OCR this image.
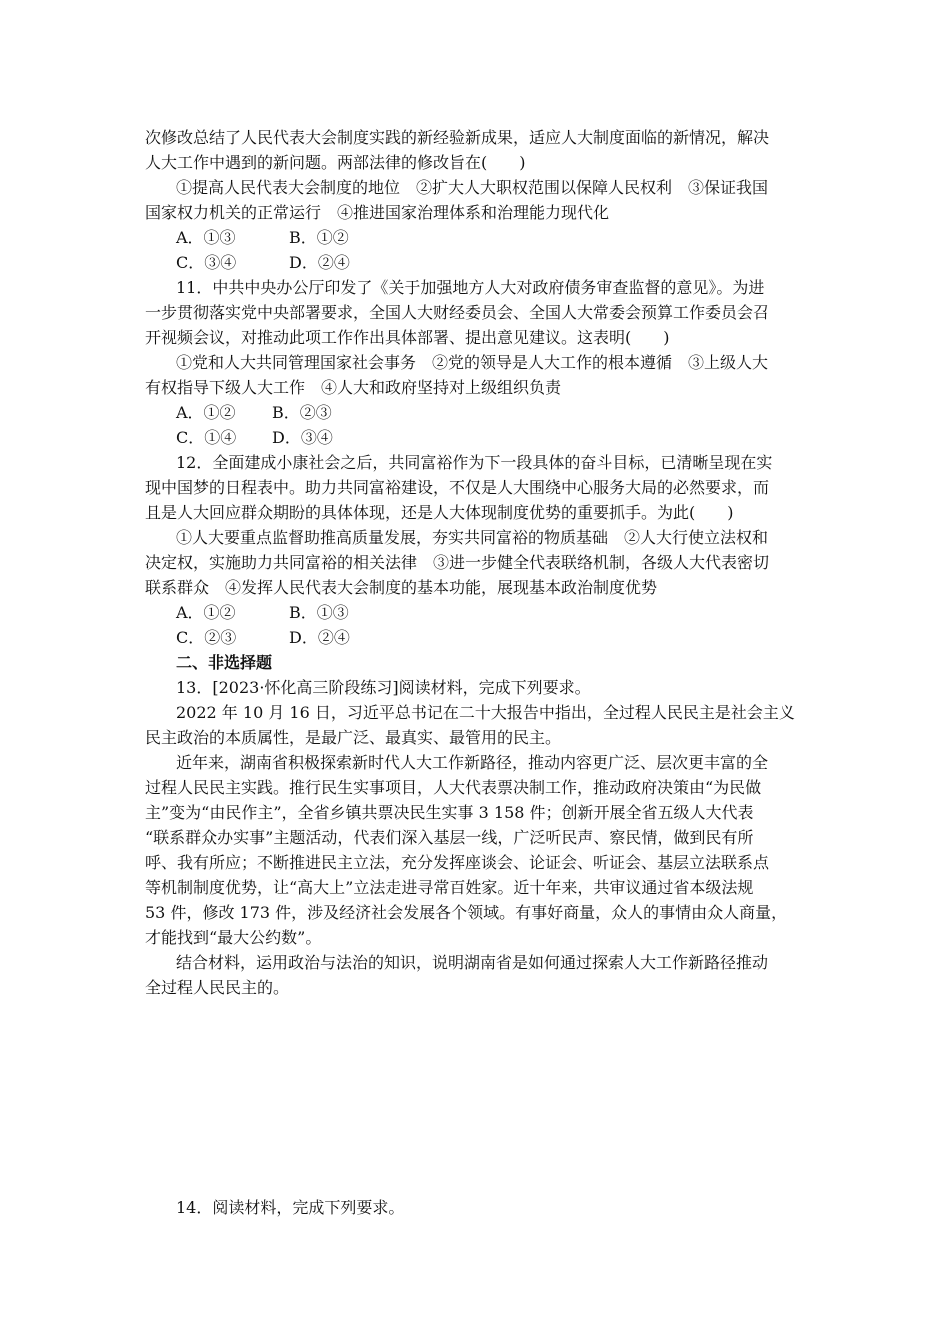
次修改总结了人民代表大会制度实践的新经验新成果，适应人大制度面临的新情况，解决
人大工作中遇到的新问题。两部法律的修改旨在(　　)
①提高人民代表大会制度的地位　②扩大人大职权范围以保障人民权利　③保证我国
国家权力机关的正常运行　④推进国家治理体系和治理能力现代化
A．①③	B．①②
C．③④	D．②④
11．中共中央办公厅印发了《关于加强地方人大对政府债务审查监督的意见》。为进
一步贯彻落实党中央部署要求，全国人大财经委员会、全国人大常委会预算工作委员会召
开视频会议，对推动此项工作作出具体部署、提出意见建议。这表明(　　)
①党和人大共同管理国家社会事务　②党的领导是人大工作的根本遵循　③上级人大
有权指导下级人大工作　④人大和政府坚持对上级组织负责
A．①② B．②③
C．①④ D．③④
12．全面建成小康社会之后，共同富裕作为下一段具体的奋斗目标，已清晰呈现在实
现中国梦的日程表中。助力共同富裕建设，不仅是人大围绕中心服务大局的必然要求，而
且是人大回应群众期盼的具体体现，还是人大体现制度优势的重要抓手。为此(　　)
①人大要重点监督助推高质量发展，夯实共同富裕的物质基础　②人大行使立法权和
决定权，实施助力共同富裕的相关法律　③进一步健全代表联络机制，各级人大代表密切
联系群众　④发挥人民代表大会制度的基本功能，展现基本政治制度优势
A．①②	B．①③
C．②③	D．②④
二、非选择题
13．[2023·怀化高三阶段练习]阅读材料，完成下列要求。
2022 年 10 月 16 日，习近平总书记在二十大报告中指出，全过程人民民主是社会主义
民主政治的本质属性，是最广泛、最真实、最管用的民主。
近年来，湖南省积极探索新时代人大工作新路径，推动内容更广泛、层次更丰富的全
过程人民民主实践。推行民生实事项目，人大代表票决制工作，推动政府决策由“为民做
主”变为“由民作主”，全省乡镇共票决民生实事 3 158 件；创新开展全省五级人大代表
“联系群众办实事”主题活动，代表们深入基层一线，广泛听民声、察民情，做到民有所
呼、我有所应；不断推进民主立法，充分发挥座谈会、论证会、听证会、基层立法联系点
等机制制度优势，让“高大上”立法走进寻常百姓家。近十年来，共审议通过省本级法规
53 件，修改 173 件，涉及经济社会发展各个领域。有事好商量，众人的事情由众人商量，
才能找到“最大公约数”。
结合材料，运用政治与法治的知识，说明湖南省是如何通过探索人大工作新路径推动
全过程人民民主的。
14．阅读材料，完成下列要求。
